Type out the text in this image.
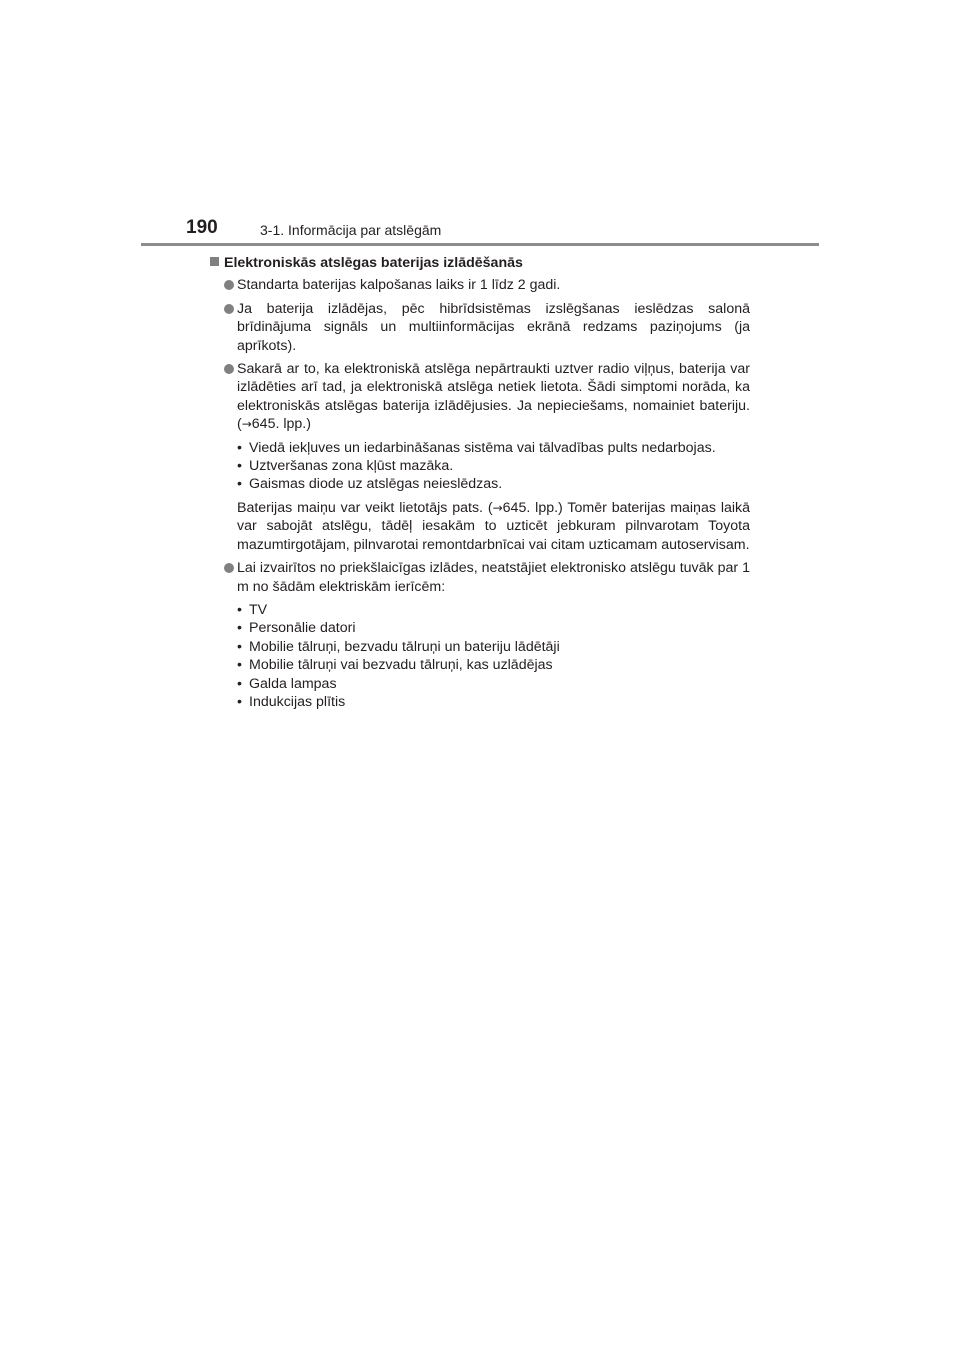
190	3-1. Informācija par atslēgām
Elektroniskās atslēgas baterijas izlādēšanās
Standarta baterijas kalpošanas laiks ir 1 līdz 2 gadi.
Ja baterija izlādējas, pēc hibrīdsistēmas izslēgšanas ieslēdzas salonā brīdinājuma signāls un multiinformācijas ekrānā redzams paziņojums (ja aprīkots).
Sakarā ar to, ka elektroniskā atslēga nepārtraukti uztver radio viļņus, baterija var izlādēties arī tad, ja elektroniskā atslēga netiek lietota. Šādi simptomi norāda, ka elektroniskās atslēgas baterija izlādējusies. Ja nepieciešams, nomainiet bateriju. (→645. lpp.)
• Viedā iekļuves un iedarbināšanas sistēma vai tālvadības pults nedarbojas.
• Uztveršanas zona kļūst mazāka.
• Gaismas diode uz atslēgas neieslēdzas.
Baterijas maiņu var veikt lietotājs pats. (→645. lpp.) Tomēr baterijas maiņas laikā var sabojāt atslēgu, tādēļ iesakām to uzticēt jebkuram pilnvarotam Toyota mazumtirgotājam, pilnvarotai remontdarbnīcai vai citam uzticamam autoservisam.
Lai izvairītos no priekšlaicīgas izlādes, neatstājiet elektronisko atslēgu tuvāk par 1 m no šādām elektriskām ierīcēm:
• TV
• Personālie datori
• Mobilie tālruņi, bezvadu tālruņi un bateriju lādētāji
• Mobilie tālruņi vai bezvadu tālruņi, kas uzlādējas
• Galda lampas
• Indukcijas plītis
